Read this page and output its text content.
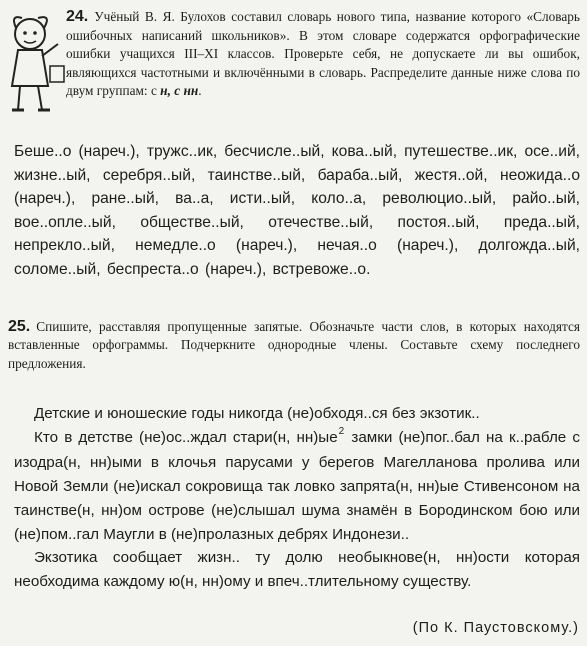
24. Учёный В. Я. Булохов составил словарь нового типа, название которого «Словарь ошибочных написаний школьников». В этом словаре содержатся орфографические ошибки учащихся III–XI классов. Проверьте себя, не допускаете ли вы ошибок, являющихся частотными и включёнными в словарь. Распределите данные ниже слова по двум группам: с н, с нн.
Беше..о (нареч.), тружс..ик, бесчисле..ый, кова..ый, путешестве..ик, осе..ий, жизне..ый, серебря..ый, таинстве..ый, бараба..ый, жестя..ой, неожида..о (нареч.), ране..ый, ва..а, исти..ый, коло..а, революцио..ый, райо..ый, вое..опле..ый, обществе..ый, отечестве..ый, постоя..ый, преда..ый, непрекло..ый, немедле..о (нареч.), нечая..о (нареч.), долгожда..ый, соломе..ый, беспреста..о (нареч.), встревоже..о.
25. Спишите, расставляя пропущенные запятые. Обозначьте части слов, в которых находятся вставленные орфограммы. Подчеркните однородные члены. Составьте схему последнего предложения.

Детские и юношеские годы никогда (не)обходя..ся без экзотик..

Кто в детстве (не)ос..ждал стари(н, $нн)ые^2$ замки (не)пог..бал на к..рабле с изодра(н, нн)ыми в клочья парусами у берегов Магелланова пролива или Новой Земли (не)искал сокровища так ловко запрята(н, нн)ые Стивенсоном на таинстве(н, нн)ом острове (не)слышал шума знамён в Бородинском бою или (не)пом..гал Маугли в (не)пролазных дебрях Индонези..

Экзотика сообщает жизн.. ту долю необыкнове(н, нн)ости которая необходима каждому ю(н, нн)ому и впеч..тлительному существу.

(По К. Паустовскому.)
